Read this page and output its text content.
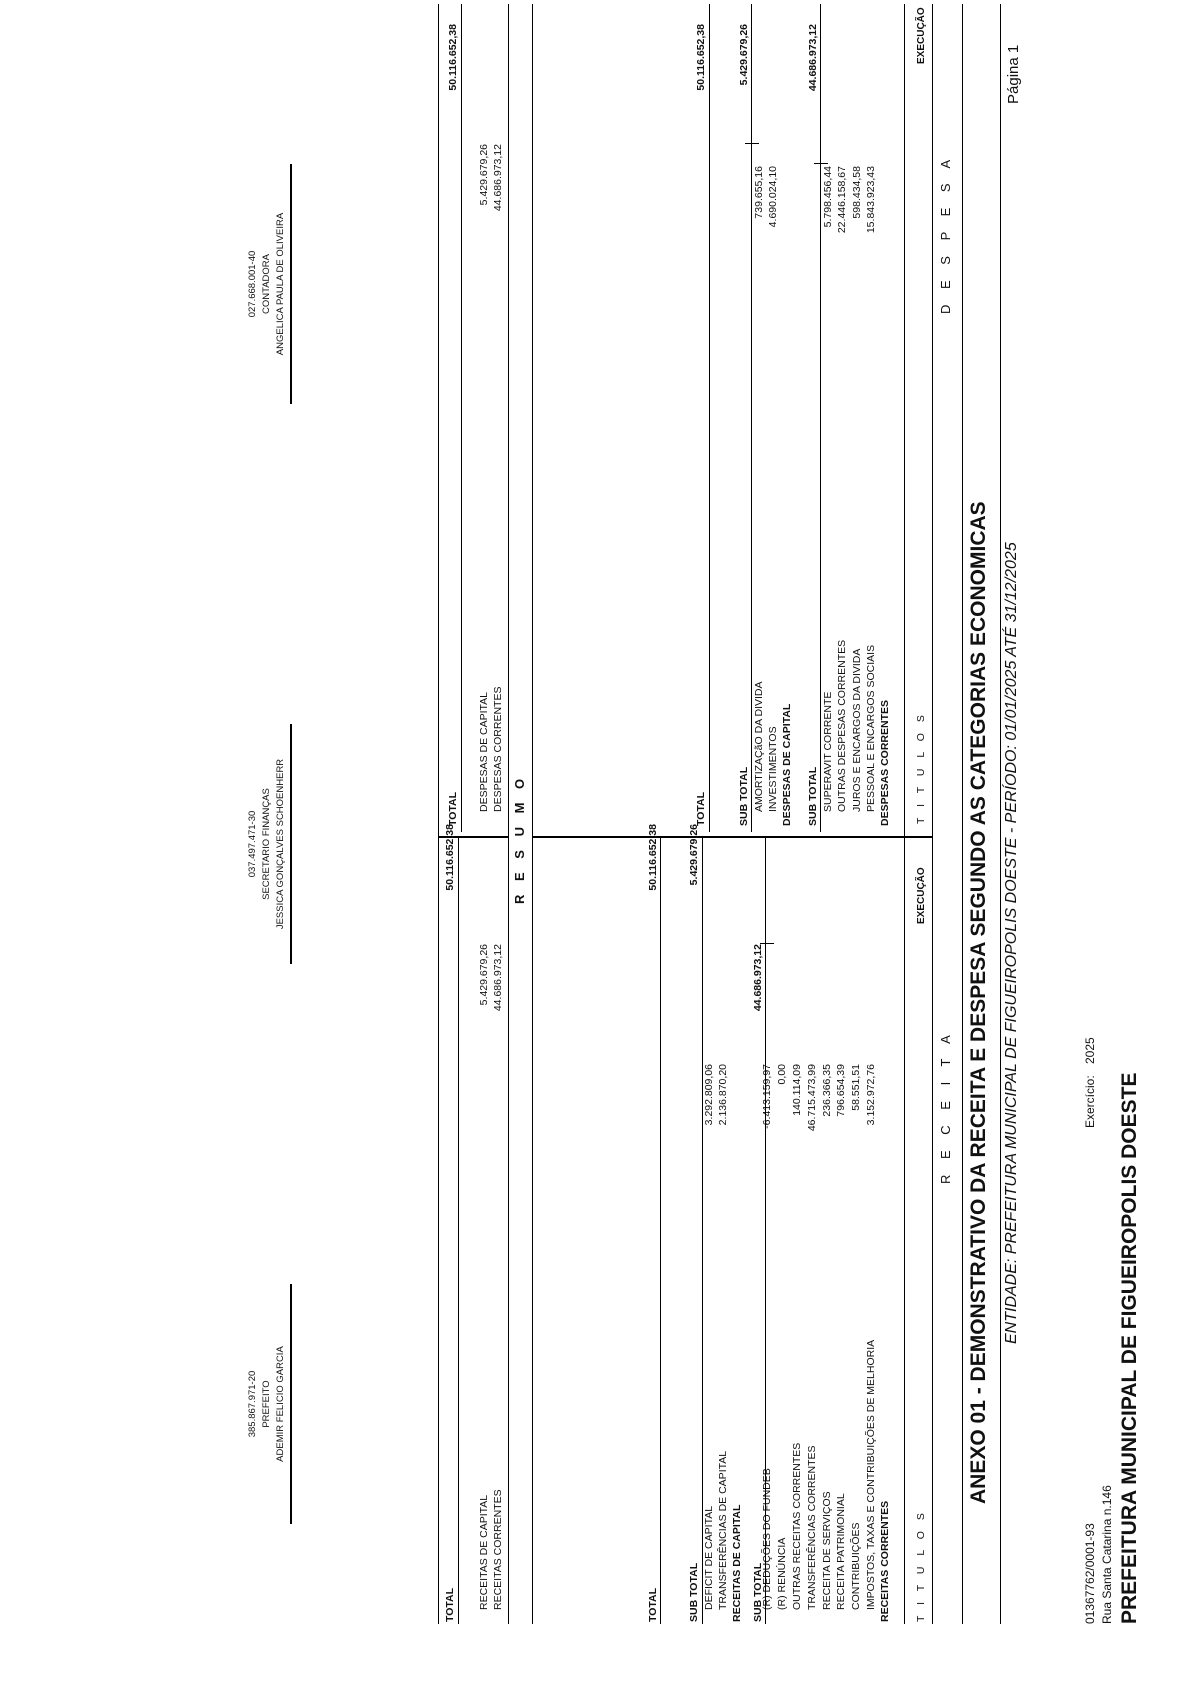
PREFEITURA MUNICIPAL DE FIGUEIROPOLIS DOESTE
Rua Santa Catarina n.146
01367762/0001-93
Exercício:
2025
Página 1
ENTIDADE: PREFEITURA MUNICIPAL DE FIGUEIROPOLIS DOESTE - PERÍODO: 01/01/2025 ATÉ 31/12/2025
ANEXO 01 - DEMONSTRATIVO DA RECEITA E DESPESA SEGUNDO AS CATEGORIAS ECONOMICAS
R E C E I T A
D E S P E S A
T I T U L O S
EXECUÇÃO
T I T U L O S
EXECUÇÃO
RECEITAS CORRENTES
IMPOSTOS, TAXAS E CONTRIBUIÇÕES DE MELHORIA
3.152.972,76
CONTRIBUIÇÕES
58.551,51
RECEITA PATRIMONIAL
796.654,39
RECEITA DE SERVIÇOS
236.366,35
TRANSFERÊNCIAS CORRENTES
46.715.473,99
OUTRAS RECEITAS CORRENTES
140.114,09
(R) RENÚNCIA
0,00
(R) DEDUÇÕES DO FUNDEB
-6.413.159,97
SUB TOTAL
44.686.973,12
RECEITAS DE CAPITAL
TRANSFERÊNCIAS DE CAPITAL
2.136.870,20
DEFICIT DE CAPITAL
3.292.809,06
SUB TOTAL
5.429.679,26
TOTAL
50.116.652,38
DESPESAS CORRENTES
PESSOAL E ENCARGOS SOCIAIS
15.843.923,43
JUROS E ENCARGOS DA DIVIDA
598.434,58
OUTRAS DESPESAS CORRENTES
22.446.158,67
SUPERAVIT CORRENTE
5.798.456,44
SUB TOTAL
44.686.973,12
DESPESAS DE CAPITAL
INVESTIMENTOS
4.690.024,10
AMORTIZAÇãO DA DIVIDA
739.655,16
SUB TOTAL
5.429.679,26
TOTAL
50.116.652,38
R E S U M O
RECEITAS CORRENTES
44.686.973,12
RECEITAS DE CAPITAL
5.429.679,26
TOTAL
50.116.652,38
DESPESAS CORRENTES
44.686.973,12
DESPESAS DE CAPITAL
5.429.679,26
TOTAL
50.116.652,38
ADEMIR FELICIO GARCIA
PREFEITO
385.867.971-20
JESSICA GONÇALVES SCHOENHERR
SECRETARIO FINANÇAS
037.497.471-30
ANGELICA PAULA DE OLIVEIRA
CONTADORA
027.668.001-40
